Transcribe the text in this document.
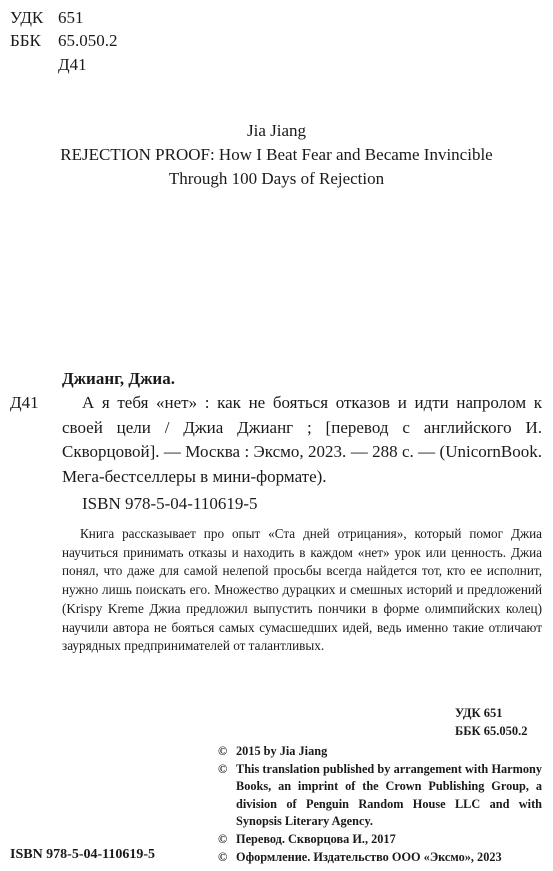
УДК 651
ББК 65.050.2
Д41
Jia Jiang
REJECTION PROOF: How I Beat Fear and Became Invincible
Through 100 Days of Rejection
Джианг, Джиа.
Д41	А я тебя «нет» : как не бояться отказов и идти напролом к своей цели / Джиа Джианг ; [перевод с английского И. Скворцовой]. — Москва : Эксмо, 2023. — 288 с. — (UnicornBook. Мега-бестселлеры в мини-формате).
ISBN 978-5-04-110619-5
Книга рассказывает про опыт «Ста дней отрицания», который помог Джиа научиться принимать отказы и находить в каждом «нет» урок или ценность. Джиа понял, что даже для самой нелепой просьбы всегда найдется тот, кто ее исполнит, нужно лишь поискать его. Множество дурацких и смешных историй и предложений (Krispy Kreme Джиа предложил выпустить пончики в форме олимпийских колец) научили автора не бояться самых сумасшедших идей, ведь именно такие отличают заурядных предпринимателей от талантливых.
УДК 651
ББК 65.050.2
© 2015 by Jia Jiang
© This translation published by arrangement with Harmony Books, an imprint of the Crown Publishing Group, a division of Penguin Random House LLC and with Synopsis Literary Agency.
© Перевод. Скворцова И., 2017
© Оформление. Издательство ООО «Эксмо», 2023
ISBN 978-5-04-110619-5
